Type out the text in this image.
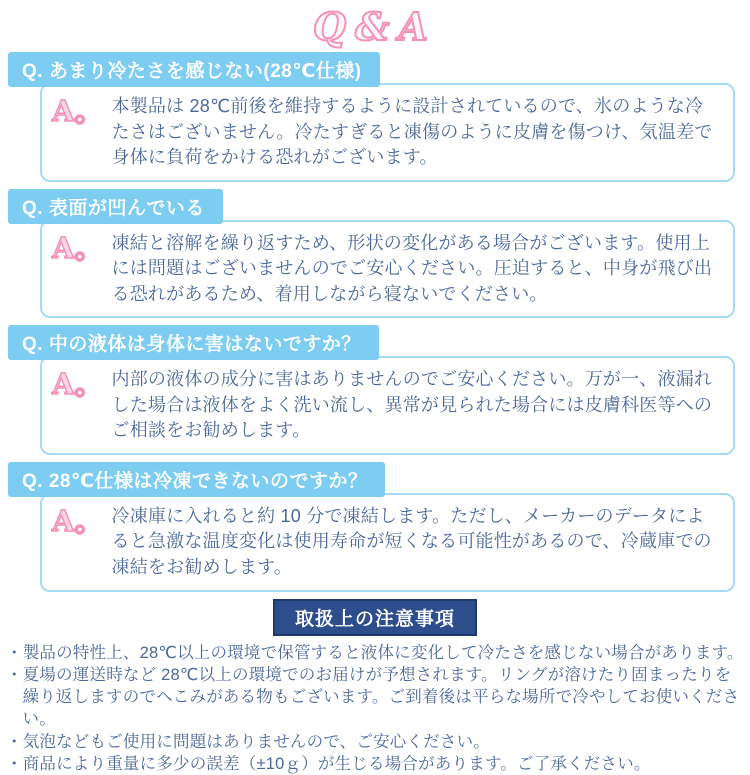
Q&A
Q. あまり冷たさを感じない(28℃仕様)
A。 本製品は 28℃前後を維持するように設計されているので、氷のような冷たさはございません。冷たすぎると凍傷のように皮膚を傷つけ、気温差で身体に負荷をかける恐れがございます。
Q. 表面が凹んでいる
A。 凍結と溶解を繰り返すため、形状の変化がある場合がございます。使用上には問題はございませんのでご安心ください。圧迫すると、中身が飛び出る恐れがあるため、着用しながら寝ないでください。
Q. 中の液体は身体に害はないですか？
A。 内部の液体の成分に害はありませんのでご安心ください。万が一、液漏れした場合は液体をよく洗い流し、異常が見られた場合には皮膚科医等へのご相談をお勧めします。
Q. 28℃仕様は冷凍できないのですか？
A。 冷凍庫に入れると約 10 分で凍結します。ただし、メーカーのデータによると急激な温度変化は使用寿命が短くなる可能性があるので、冷蔵庫での凍結をお勧めします。
取扱上の注意事項
・製品の特性上、28℃以上の環境で保管すると液体に変化して冷たさを感じない場合があります。
・夏場の運送時など 28℃以上の環境でのお届けが予想されます。リングが溶けたり固まったりを繰り返しますのでへこみがある物もございます。ご到着後は平らな場所で冷やしてお使いください。
・気泡などもご使用に問題はありませんので、ご安心ください。
・商品により重量に多少の誤差（±10ｇ）が生じる場合があります。ご了承ください。
